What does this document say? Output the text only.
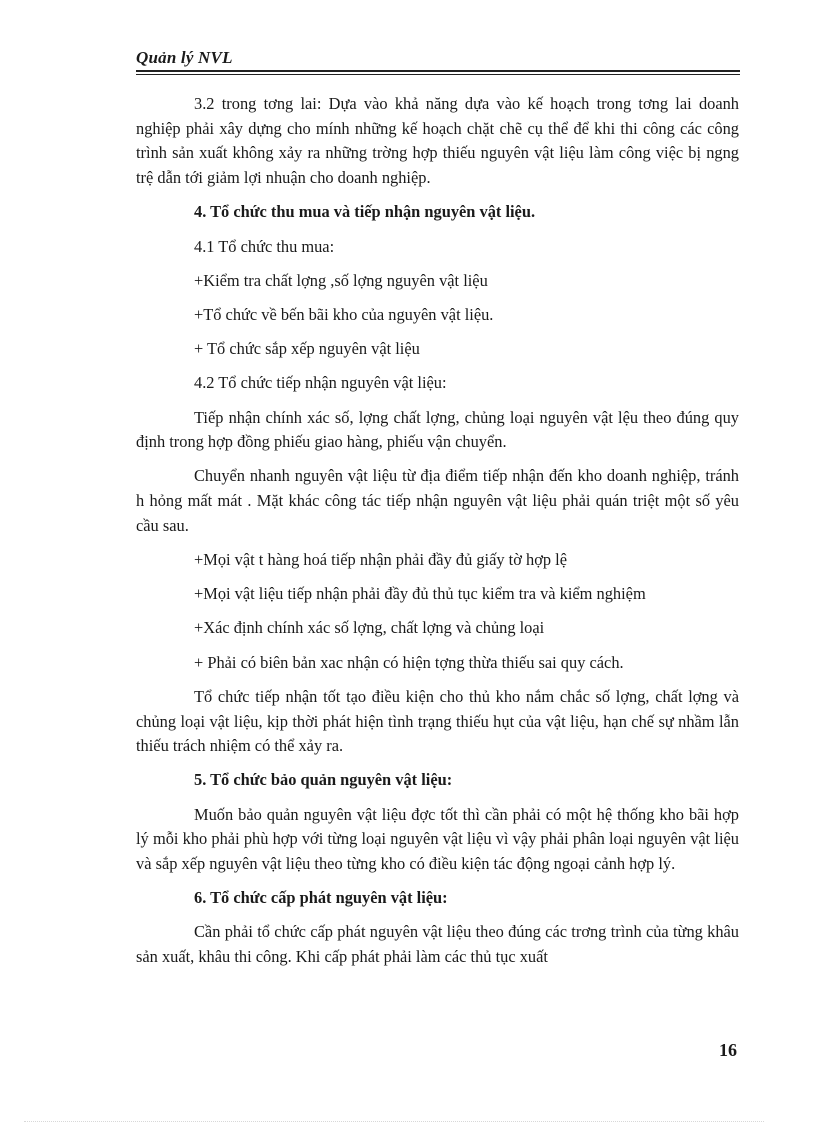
Quản lý NVL

3.2 trong tơng lai: Dựa vào khả năng dựa vào kế hoạch trong tơng lai doanh nghiệp phải xây dựng cho mính những kế hoạch chặt chẽ cụ thể để khi thi công các công trình sản xuất không xảy ra những trờng hợp thiếu nguyên vật liệu làm công việc bị ngng trệ dẫn tới giảm lợi nhuận cho doanh nghiệp.

4. Tổ chức thu mua và tiếp nhận nguyên vật liệu.

4.1 Tổ chức thu mua:

+Kiểm tra chất lợng ,số lợng nguyên vật liệu

+Tổ chức về bến bãi kho của nguyên vật liệu.

+ Tổ chức sắp xếp nguyên vật liệu

4.2 Tổ chức tiếp nhận nguyên vật liệu:

Tiếp nhận chính xác số, lợng chất lợng, chủng loại nguyên vật lệu theo đúng quy định trong hợp đồng phiếu giao hàng, phiếu vận chuyển.

Chuyển nhanh nguyên vật liệu từ địa điểm tiếp nhận đến kho doanh nghiệp, tránh h hỏng mất mát . Mặt khác công tác tiếp nhận nguyên vật liệu phải quán triệt một số yêu cầu sau.

+Mọi vật t hàng hoá tiếp nhận phải đầy đủ giấy tờ hợp lệ

+Mọi vật liệu tiếp nhận phải đầy đủ thủ tục kiểm tra và kiểm nghiệm

+Xác định chính xác số lợng, chất lợng và chủng loại

+ Phải có biên bản xac nhận có hiện tợng thừa thiếu sai quy cách.

Tổ chức tiếp nhận tốt tạo điều kiện cho thủ kho nắm chắc số lợng, chất lợng và chủng loại vật liệu, kịp thời phát hiện tình trạng thiếu hụt của vật liệu, hạn chế sự nhầm lẫn thiếu trách nhiệm có thể xảy ra.

5. Tổ chức bảo quản nguyên vật liệu:

Muốn bảo quản nguyên vật liệu đợc tốt thì cần phải có một hệ thống kho bãi hợp lý mỗi kho phải phù hợp với từng loại nguyên vật liệu vì vậy phải phân loại nguyên vật liệu và sắp xếp nguyên vật liệu theo từng kho có điều kiện tác động ngoại cảnh hợp lý.

6. Tổ chức cấp phát nguyên vật liệu:

Cần phải tổ chức cấp phát nguyên vật liệu theo đúng các trơng trình của từng khâu sản xuất, khâu thi công. Khi cấp phát phải làm các thủ tục xuất

16
